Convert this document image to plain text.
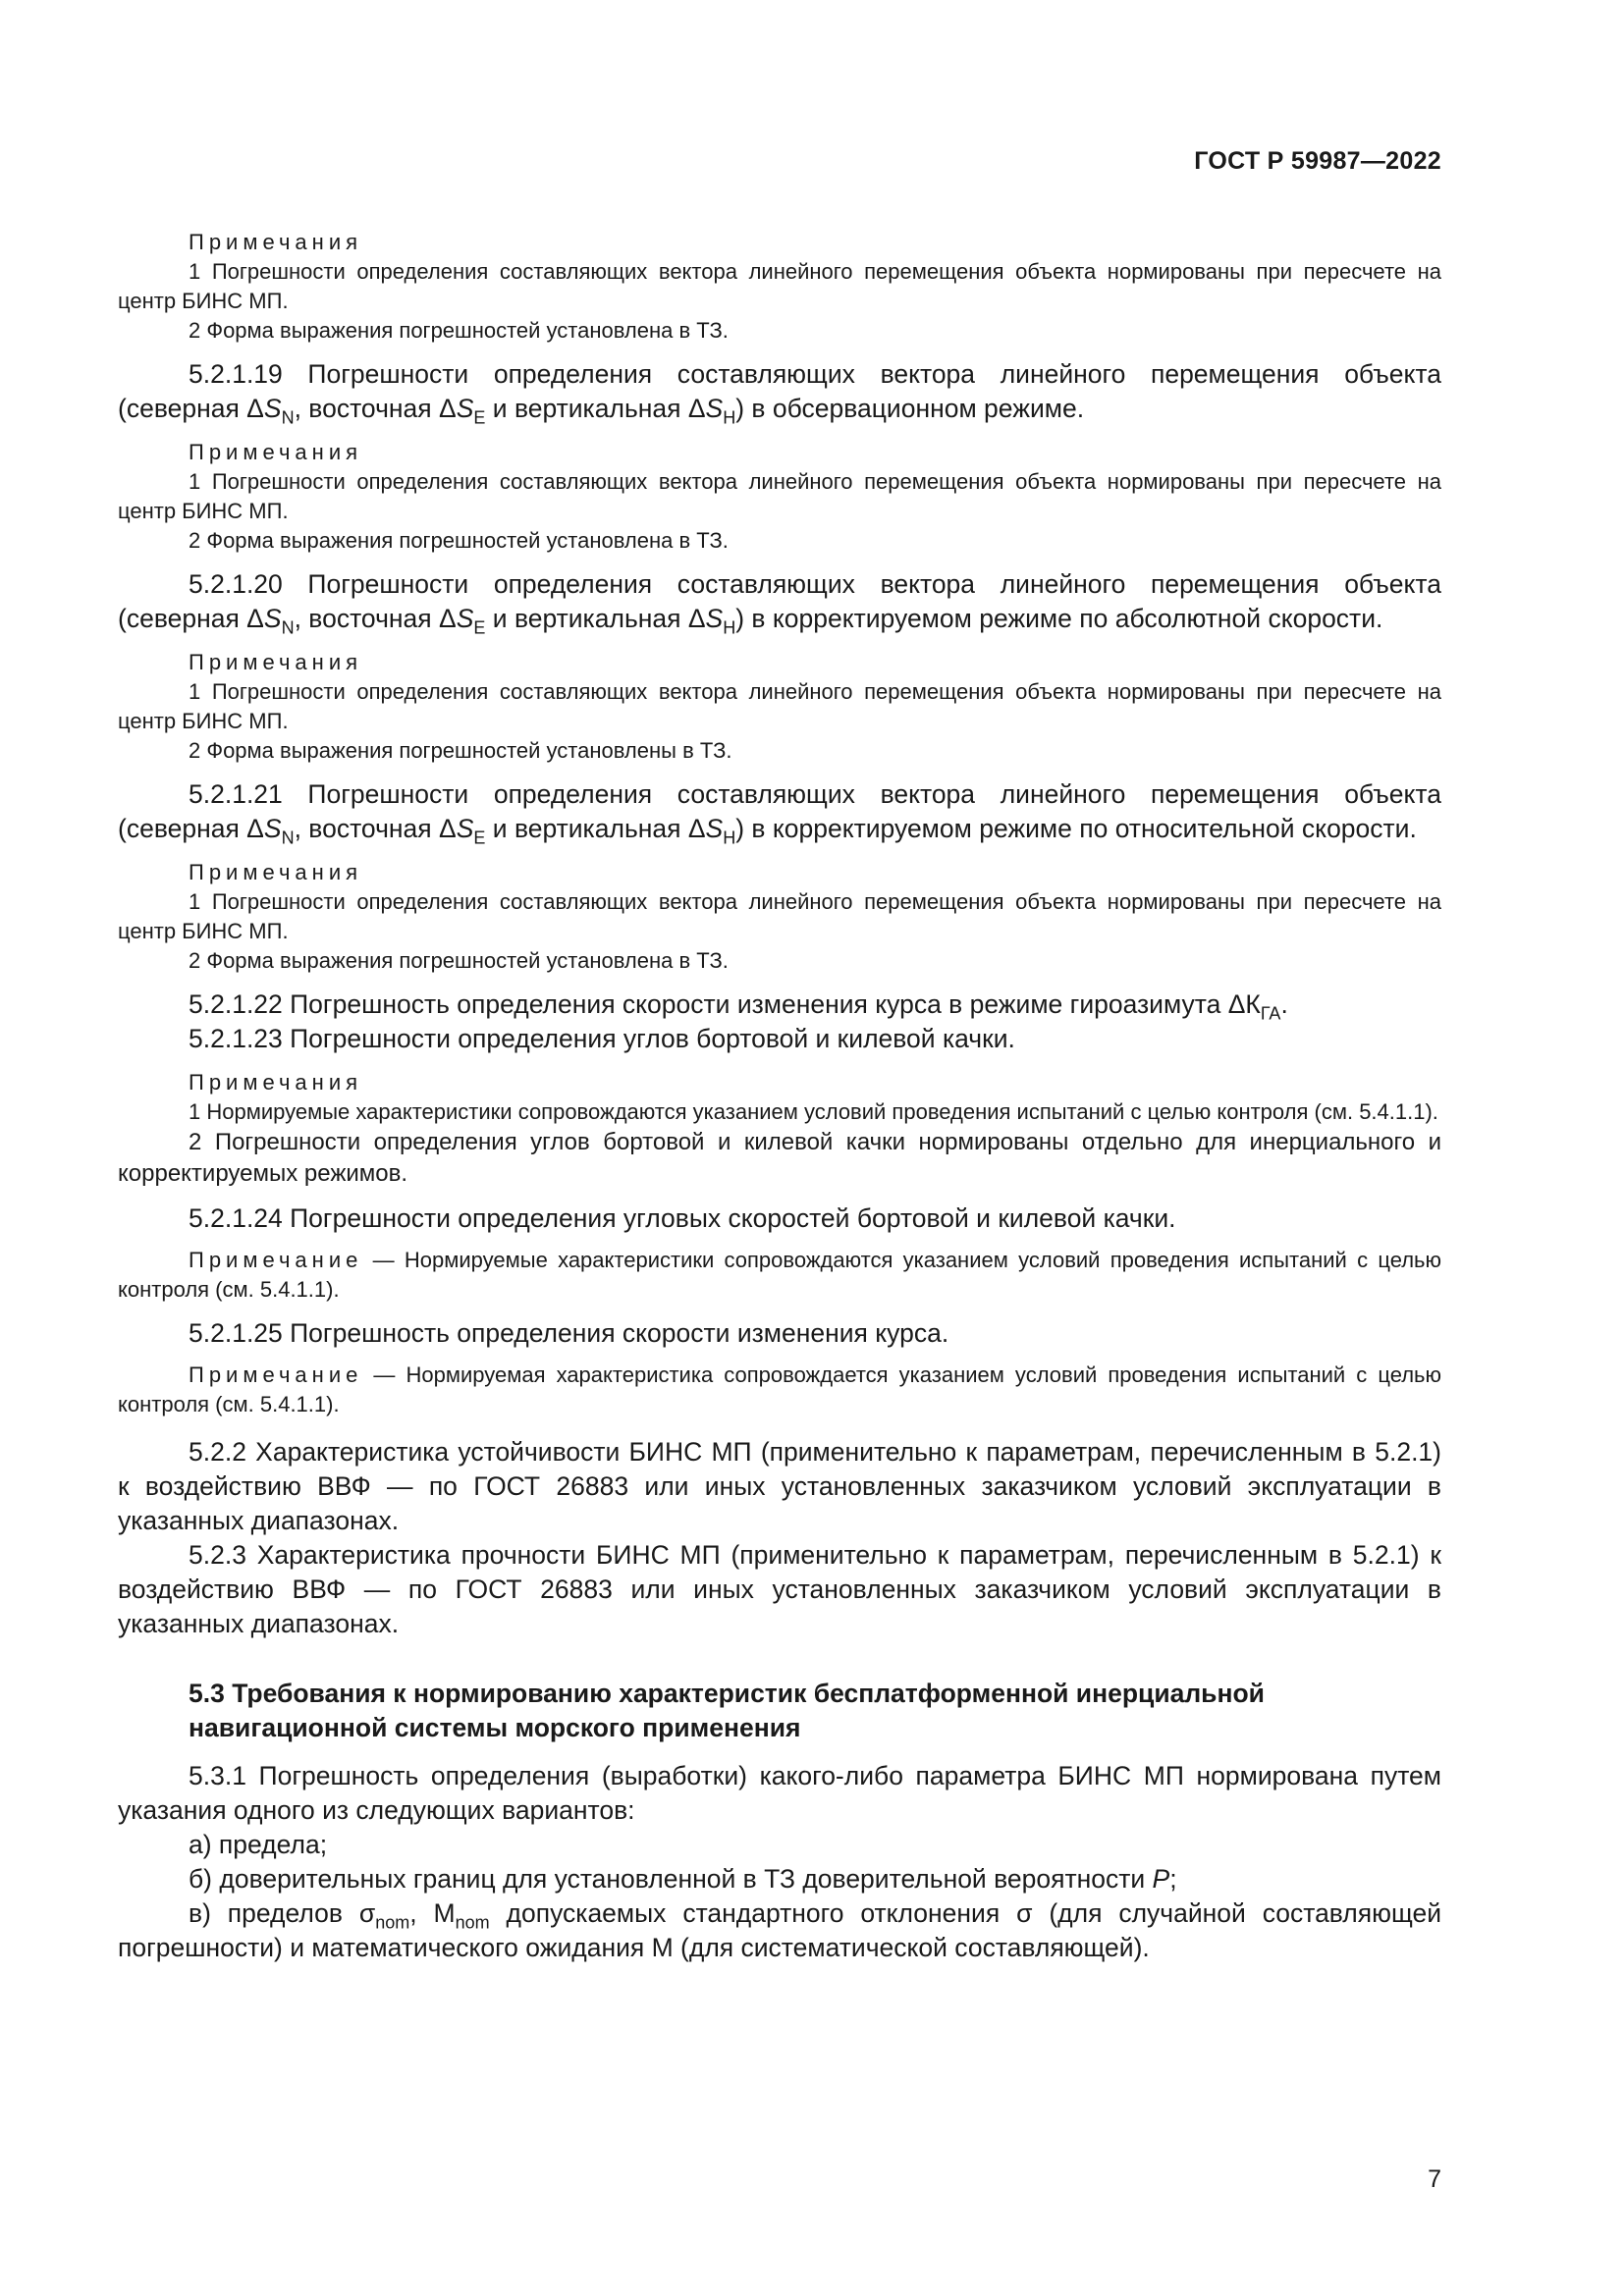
ГОСТ Р 59987—2022
Примечания
1 Погрешности определения составляющих вектора линейного перемещения объекта нормированы при пересчете на центр БИНС МП.
2 Форма выражения погрешностей установлена в ТЗ.
5.2.1.19 Погрешности определения составляющих вектора линейного перемещения объекта (северная $\Delta S_N$, восточная $\Delta S_E$ и вертикальная $\Delta S_H$) в обсервационном режиме.
Примечания
1 Погрешности определения составляющих вектора линейного перемещения объекта нормированы при пересчете на центр БИНС МП.
2 Форма выражения погрешностей установлена в ТЗ.
5.2.1.20 Погрешности определения составляющих вектора линейного перемещения объекта (северная $\Delta S_N$, восточная $\Delta S_E$ и вертикальная $\Delta S_H$) в корректируемом режиме по абсолютной скорости.
Примечания
1 Погрешности определения составляющих вектора линейного перемещения объекта нормированы при пересчете на центр БИНС МП.
2 Форма выражения погрешностей установлены в ТЗ.
5.2.1.21 Погрешности определения составляющих вектора линейного перемещения объекта (северная $\Delta S_N$, восточная $\Delta S_E$ и вертикальная $\Delta S_H$) в корректируемом режиме по относительной скорости.
Примечания
1 Погрешности определения составляющих вектора линейного перемещения объекта нормированы при пересчете на центр БИНС МП.
2 Форма выражения погрешностей установлена в ТЗ.
5.2.1.22 Погрешность определения скорости изменения курса в режиме гироазимута $\Delta К_{ГА}$.
5.2.1.23 Погрешности определения углов бортовой и килевой качки.
Примечания
1 Нормируемые характеристики сопровождаются указанием условий проведения испытаний с целью контроля (см. 5.4.1.1).
2 Погрешности определения углов бортовой и килевой качки нормированы отдельно для инерциального и корректируемых режимов.
5.2.1.24 Погрешности определения угловых скоростей бортовой и килевой качки.
Примечание — Нормируемые характеристики сопровождаются указанием условий проведения испытаний с целью контроля (см. 5.4.1.1).
5.2.1.25 Погрешность определения скорости изменения курса.
Примечание — Нормируемая характеристика сопровождается указанием условий проведения испытаний с целью контроля (см. 5.4.1.1).
5.2.2 Характеристика устойчивости БИНС МП (применительно к параметрам, перечисленным в 5.2.1) к воздействию ВВФ — по ГОСТ 26883 или иных установленных заказчиком условий эксплуатации в указанных диапазонах.
5.2.3 Характеристика прочности БИНС МП (применительно к параметрам, перечисленным в 5.2.1) к воздействию ВВФ — по ГОСТ 26883 или иных установленных заказчиком условий эксплуатации в указанных диапазонах.
5.3 Требования к нормированию характеристик бесплатформенной инерциальной
навигационной системы морского применения
5.3.1 Погрешность определения (выработки) какого-либо параметра БИНС МП нормирована путем указания одного из следующих вариантов:
а) предела;
б) доверительных границ для установленной в ТЗ доверительной вероятности P;
в) пределов $\sigma_{nom}$, $M_{nom}$ допускаемых стандартного отклонения σ (для случайной составляющей погрешности) и математического ожидания М (для систематической составляющей).
7
